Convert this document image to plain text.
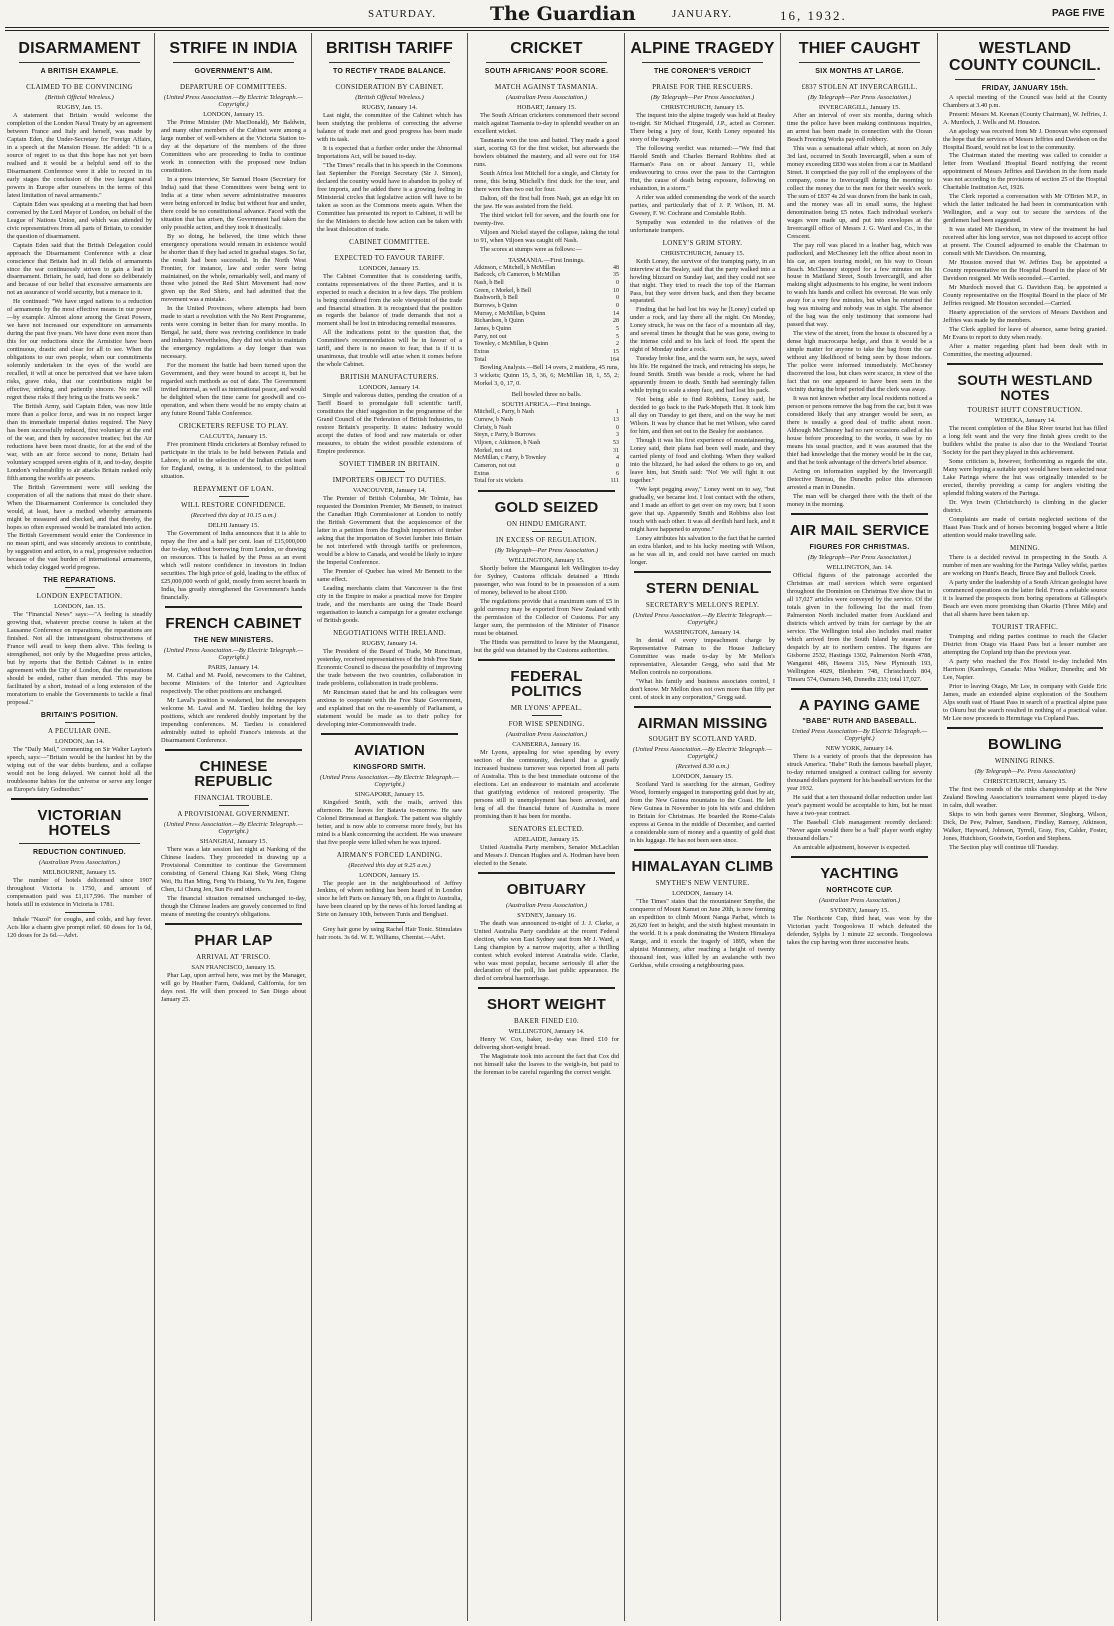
SATURDAY.	The Guardian	JANUARY.	16, 1932.	PAGE FIVE
DISARMAMENT
A BRITISH EXAMPLE.
CLAIMED TO BE CONVINCING
(British Official Wireless.)
RUGBY, Jan. 15.

A statement that Britain would welcome the completion of the London Naval Treaty by an agreement between France and Italy and herself, was made by Captain Eden, the Under-Secretary for Foreign Affairs, in a speech at the Mansion House. He added: "It is a source of regret to us that this hope has not yet been realised and it would be a helpful send off to the Disarmament Conference were it able to record in its early stages the conclusion of the two largest naval powers in Europe after ourselves in the terms of this latest limitation of naval armaments."

Captain Eden was speaking at a meeting that had been convened by the Lord Mayor of London, on behalf of the League of Nations Union, and which was attended by civic representatives from all parts of Britain, to consider the question of disarmament.

Captain Eden said that the British Delegation could approach the Disarmament Conference with a clear conscience that Britain had in all fields of armaments since the war continuously striven to gain a lead in disarmament. Britain, he said, had done so deliberately and because of our belief that excessive armaments are not an assurance of world security, but a menace to it.

He continued: "We have urged nations to a reduction of armaments by the most effective means in our power—by example. Almost alone among the Great Powers, we have not increased our expenditure on armaments during the past five years. We have done even more than this for our reductions since the Armistice have been continuous, drastic and clear for all to see. When the obligations to our own people, when our commitments solemnly undertaken in the eyes of the world are recalled, it will at once be perceived that we have taken risks, grave risks, that our contributions might be effective, striking, and patiently sincere. No one will regret these risks if they bring us the fruits we seek."

The British Army, said Captain Eden, was now little more than a police force, and was in no respect larger than its immediate imperial duties required. The Navy has been successfully reduced, first voluntary at the end of the war, and then by successive treaties; but the Air reductions have been most drastic, for at the end of the war, with an air force second to none, Britain had voluntary scrapped seven eights of it, and to-day, despite London's vulnerability to air attacks Britain ranked only fifth among the world's air powers.

The British Government were still seeking the cooperation of all the nations that must do their share. When the Disarmament Conference is concluded they would, at least, have a method whereby armaments might be measured and checked, and that thereby, the hopes so often expressed would be translated into action. The British Government would enter the Conference in no mean spirit, and was sincerely anxious to contribute, by suggestion and action, to a real, progressive reduction because of the vast burden of international armaments, which today clogged world progress.

THE REPARATIONS.
LONDON EXPECTATION.
LONDON, Jan. 15.

The "Financial News" says:—"A feeling is steadily growing that, whatever precise course is taken at the Lausanne Conference on reparations, the reparations are finished. Not all the intransigeant obstructiveness of France will avail to keep them alive. This feeling is strengthened, not only by the Mugardine press articles, but by reports that the British Cabinet is in entire agreement with the City of London, that the reparations should be ended, rather than mended. This may be facilitated by a short, instead of a long extension of the moratorium to enable the Governments to tackle a final proposal."

BRITAIN'S POSITION.
A PECULIAR ONE.
LONDON, Jan 14.

The "Daily Mail," commenting on Sir Walter Layton's speech, says:—"Britain would be the hardest hit by the wiping out of the war debts burdens, and a collapse would not be long delayed. We cannot hold all the troublesome babies for the universe or serve any longer as Europe's fairy Godmother."

VICTORIAN HOTELS
REDUCTION CONTINUED.
(Australian Press Association.)
MELBOURNE, January 15.

The number of hotels delicensed since 1907 throughout Victoria is 1750, and amount of compensation paid was £1,117,596. The number of hotels still in existence in Victoria is 1781.

Inhale "Nazol" for coughs, and colds, and hay fever. Acts like a charm give prompt relief. 60 doses for 1s 6d, 120 doses for 2s 6d.—Advt.

STRIFE IN INDIA
GOVERNMENT'S AIM.
DEPARTURE OF COMMITTEES.
(United Press Association.—By Electric Telegraph.—Copyright.)
LONDON, January 15.

The Prime Minister (Mr MacDonald), Mr Baldwin, and many other members of the Cabinet were among a large number of well-wishers at the Victoria Station to-day at the departure of the members of the three Committees who are proceeding to India to continue work in connection with the proposed new Indian constitution.

In a press interview, Sir Samuel Hoare (Secretary for India) said that these Committees were being sent to India at a time when severe administrative measures were being enforced in India; but without fear and under, there could be no constitutional advance. Faced with the situation that has arisen, the Government had taken the only possible action, and they took it drastically.

By so doing, he believed, the time which these emergency operations would remain in existence would be shorter than if they had acted in gradual stages. So far, the result had been successful. In the North West Frontier, for instance, law and order were being maintained, on the whole, remarkably well, and many of those who joined the Red Shirt Movement had now given up the Red Shirts, and had admitted that the movement was a mistake.

In the United Provinces, where attempts had been made to start a revolution with the No Rent Programme, rents were coming in better than for many months. In Bengal, he said, there was reviving confidence in trade and industry. Nevertheless, they did not wish to maintain the emergency regulations a day longer than was necessary.

For the moment the battle had been turned upon the Government, and they were bound to accept it, but he regarded such methods as out of date. The Government invited internal, as well as international peace, and would be delighted when the time came for goodwill and co-operation, and when there would be no empty chairs at any future Round Table Conference.

CRICKETERS REFUSE TO PLAY.
CALCUTTA, January 15.

Five prominent Hindu cricketers at Bombay refused to participate in the trials to be held between Patiala and Lahore, to aid in the selection of the Indian cricket team for England, owing, it is understood, to the political situation.

REPAYMENT OF LOAN.
WILL RESTORE CONFIDENCE.
(Received this day at 10.15 a.m.)
DELHI January 15.

The Government of India announces that it is able to repay the five and a half per cent. loan of £15,000,000 due to-day, without borrowing from London, or drawing on resources. This is hailed by the Press as an event which will restore confidence in investors in Indian securities. The high price of gold, leading to the efflux of £25,000,000 worth of gold, mostly from secret hoards in India, has greatly strengthened the Government's hands financially.

FRENCH CABINET
THE NEW MINISTERS.
(United Press Association.—By Electric Telegraph.—Copyright.)
PARIS, January 14.

M. Cathal and M. Paold, newcomers to the Cabinet, become Ministers of the Interior and Agriculture respectively. The other positions are unchanged.

Mr Laval's position is weakened, but the newspapers welcome M. Laval and M. Tardieu holding the key positions, which are rendered doubly important by the impending conferences. M. Tardieu is considered admirably suited to uphold France's interests at the Disarmament Conference.

CHINESE REPUBLIC
FINANCIAL TROUBLE.
A PROVISIONAL GOVERNMENT.
(United Press Association.—By Electric Telegraph.—Copyright.)
SHANGHAI, January 15.

There was a late session last night at Nanking of the Chinese leaders. They proceeded in drawing up a Provisional Committee to continue the Government consisting of General Chiang Kai Shek, Wang Ching Wei, Hu Han Ming, Feng Yu Hsiang, Yu Yu Jen, Eugene Chen, Li Chung Jen, Sun Fo and others.

The financial situation remained unchanged to-day, though the Chinese leaders are gravely concerned to find means of meeting the country's obligations.

PHAR LAP
ARRIVAL AT 'FRISCO.
SAN FRANCISCO, January 15.

Phar Lap, upon arrival here, was met by the Manager, will go by Heather Farm, Oakland, California, for ten days rest. He will then proceed to San Diego about January 25.

BRITISH TARIFF
TO RECTIFY TRADE BALANCE.
CONSIDERATION BY CABINET.
(British Official Wireless.)
RUGBY, January 14.

Last night, the committee of the Cabinet which has been studying the problems of correcting the adverse balance of trade met and good progress has been made with its task.

It is expected that a further order under the Abnormal Importations Act, will be issued to-day.

"The Times" recalls that in his speech in the Commons last September the Foreign Secretary (Sir J. Simon), declared the country would have to abandon its policy of free imports, and he added there is a growing feeling in Ministerial circles that legislative action will have to be taken as soon as the Commons meets again. When the Committee has presented its report to Cabinet, it will be for the Ministers to decide how action can be taken with the least dislocation of trade.

CABINET COMMITTEE.
EXPECTED TO FAVOUR TARIFF.
LONDON, January 15.

The Cabinet Committee that is considering tariffs, contains representatives of the three Parties, and it is expected to reach a decision in a few days. The problem is being considered from the sole viewpoint of the trade and financial situation. It is recognised that the position as regards the balance of trade demands that not a moment shall be lost in introducing remedial measures.

All the indications point to the question that, the Committee's recommendation will be in favour of a tariff, and there is no reason to fear, that is if it is unanimous, that trouble will arise when it comes before the whole Cabinet.

BRITISH MANUFACTURERS.
LONDON, January 14.

Simple and valorous duties, pending the creation of a Tariff Board to promulgate full scientific tariff, constitutes the chief suggestion in the programme of the Grand Council of the Federation of British Industries, to restore Britain's prosperity. It states: Industry would accept the duties of food and raw materials or other measures, to obtain the widest possible extensions of Empire preference.

SOVIET TIMBER IN BRITAIN.
IMPORTERS OBJECT TO DUTIES.
VANCOUVER, January 14.

The Premier of British Columbia, Mr Tolmie, has requested the Dominion Premier, Mr Bennett, to instruct the Canadian High Commissioner at London to notify the British Government that the acquiescence of the latter in a petition from the English importers of timber asking that the importation of Soviet lumber into Britain be not interfered with through tariffs or preferences, would be a blow to Canada, and would be likely to injure the Imperial Conference.

The Premier of Quebec has wired Mr Bennett to the same effect.

Leading merchants claim that Vancouver is the first city in the Empire to make a practical move for Empire trade, and the merchants are using the Trade Board organisation to launch a campaign for a greater exchange of British goods.

NEGOTIATIONS WITH IRELAND.
RUGBY, January 14.

The President of the Board of Trade, Mr Runciman, yesterday, received representatives of the Irish Free State Economic Council to discuss the possibility of improving the trade between the two countries, collaboration in trade problems, collaboration in trade problems.

Mr Runciman stated that he and his colleagues were anxious to cooperate with the Free State Government, and explained that on the re-assembly of Parliament, a statement would be made as to their policy for developing inter-Commonwealth trade.

AVIATION
KINGSFORD SMITH.
(United Press Association.—By Electric Telegraph.—Copyright.)
SINGAPORE, January 15.

Kingsford Smith, with the mails, arrived this afternoon. He leaves for Batavia to-morrow. He saw Colonel Brinsmead at Bangkok. The patient was slightly better, and is now able to converse more freely, but his mind is a blank concerning the accident. He was unaware that five people were killed when he was injured.

AIRMAN'S FORCED LANDING.
(Received this day at 9.25 a.m.)
LONDON, January 15.

The people are in the neighbourhood of Jeffrey Jenkins, of whom nothing has been heard of in London since he left Paris on January 9th, on a flight to Australia, have been cleared up by the news of his forced landing at Sirte on January 10th, between Tunis and Benghazi.

Grey hair gone by using Rachel Hair Tonic. Stimulates hair roots. 3s 6d. W. E. Williams, Chemist.—Advt.

CRICKET
SOUTH AFRICANS' POOR SCORE.
MATCH AGAINST TASMANIA.
(Australian Press Association.)
HOBART, January 15.

The South African cricketers commenced their second match against Tasmania to-day in splendid weather on an excellent wicket.

Tasmania won the toss and batted. They made a good start, scoring 63 for the first wicket, but afterwards the bowlers obtained the mastery, and all were out for 164 runs.

South Africa lost Mitchell for a single, and Christy for none, this being Mitchell's first duck for the tour, and there were then two out for four.

Dalton, off the first ball from Nash, got an edge hit on the jaw. He was assisted from the field.

The third wicket fell for seven, and the fourth one for twenty-five.

Viljoen and Nickel stayed the collapse, taking the total to 91, when Viljoen was caught off Nash.

The scores at stumps were as follows:—

TASMANIA.—First Innings.
Atkinson, c Mitchell, b McMillan	48
Badcock, c/b Cameron, b McMillan	35
Nash, b Bell	0
Green, c Morkel, b Bell	10
Bushworth, b Bell	0
Burrows, b Quinn	0
Murray, c McMillan, b Quinn	14
Richardson, b Quinn	28
James, b Quinn	5
Parry, not out	5
Townley, c McMillan, b Quinn	2
Extras	15
Total	164

Bowling Analysis.—Bell 14 overs, 2 maidens, 45 runs, 3 wickets; Quinn 15, 5, 36, 6; McMillan 18, 1, 55, 2; Morkel 3, 0, 17, 0.

Bell bowled three no balls.
SOUTH AFRICA.—First Innings.
Mitchell, c Parry, b Nash	1
Curnow, b Nash	13
Christy, b Nash	0
Steyn, c Parry, b Burrows	3
Viljoen, c Atkinson, b Nash	53
Morkel, not out	31
McMillan, c Parry, b Townley	4
Cameron, not out	0
Extras	6
Total for six wickets	111
GOLD SEIZED
ON HINDU EMIGRANT.
IN EXCESS OF REGULATION.
(By Telegraph—Per Press Association.)
WELLINGTON, January 15.

Shortly before the Maunganui left Wellington to-day for Sydney, Customs officials detained a Hindu passenger, who was found to be in possession of a sum of money, believed to be about £100.

The regulations provide that a maximum sum of £5 in gold currency may be exported from New Zealand with the permission of the Collector of Customs. For any larger sum, the permission of the Minister of Finance must be obtained.

The Hindu was permitted to leave by the Maunganui, but the gold was detained by the Customs authorities.

FEDERAL POLITICS
MR LYONS' APPEAL.
FOR WISE SPENDING.
(Australian Press Association.)
CANBERRA, January 16.

Mr Lyons, appealing for wise spending by every section of the community, declared that a greatly increased business turnover was reported from all parts of Australia. This is the best immediate outcome of the elections. Let an endeavour to maintain and accelerate that gratifying evidence of restored prosperity. The persons still in unemployment has been arrested, and leng of all the financial future of Australia is more promising than it has been for months.

SENATORS ELECTED.
ADELAIDE, January 15.

United Australia Party members, Senator McLachlan and Messrs J. Duncan Hughes and A. Hodman have been elected to the Senate.

OBITUARY
(Australian Press Association.)
SYDNEY, January 16.

The death was announced to-night of J. J. Clarke, a United Australia Party candidate at the recent Federal election, who won East Sydney seat from Mr J. Ward, a Lang champion by a narrow majority, after a thrilling contest which evoked interest Australia wide. Clarke, who was most popular, became seriously ill after the declaration of the poll, his last public appearance. He died of cerebral haemorrhage.

SHORT WEIGHT
BAKER FINED £10.
WELLINGTON, January 14.

Henry W. Cox, baker, to-day was fined £10 for delivering short-weight bread.

The Magistrate took into account the fact that Cox did not himself take the loaves to the weigh-in, but paid to the foreman to be careful regarding the correct weight.

ALPINE TRAGEDY
THE CORONER'S VERDICT
PRAISE FOR THE RESCUERS.
(By Telegraph—Per Press Association.)
CHRISTCHURCH, January 15.

The inquest into the alpine tragedy was held at Bealey to-night. Sir Michael Fitzgerald, J.P., acted as Coroner. There being a jury of four, Keith Loney repeated his story of the tragedy.

The following verdict was returned:—"We find that Harold Smith and Charles Bernard Robbins died at Harman's Pass on or about January 11, while endeavouring to cross over the pass to the Carrington Hut, the cause of death being exposure, following on exhaustion, in a storm."

A rider was added commending the work of the search parties, and particularly that of J. P. Wilson, H. M. Gwesey, F. W. Cochrane and Constable Robb.

Sympathy was extended to the relatives of the unfortunate trampers.

LONEY'S GRIM STORY.
CHRISTCHURCH, January 15.

Keith Loney, the survivor of the tramping party, in an interview at the Bealey, said that the party walked into a howling blizzard on Sunday last, and they could not see that night. They tried to reach the top of the Harman Pass, but they were driven back, and then they became separated.

Finding that he had lost his way he [Loney] curled up under a rock, and lay there all the night. On Monday, Loney struck, he was on the face of a mountain all day, and several times he thought that he was gone, owing to the intense cold and to his lack of food. He spent the night of Monday under a rock.

Tuesday broke fine, and the warm sun, he says, saved his life. He regained the track, and retracing his steps, he found Smith. Smith was beside a rock, where he had apparently frozen to death. Smith had seemingly fallen while trying to scale a steep face, and had lost his pack.

Not being able to find Robbins, Loney said, he decided to go back to the Park-Mopeth Hut. It took him all day on Tuesday to get there, and on the way he met Wilson. It was by chance that he met Wilson, who cared for him, and then set out to the Bealey for assistance.

Though it was his first experience of mountaineering, Loney said, their plans had been well made, and they carried plenty of food and clothing. When they walked into the blizzard, he had asked the others to go on, and leave him, but Smith said: "No! We will fight it out together."

"We kept pegging away," Loney went on to say, "but gradually, we became lost. I lost contact with the others, and I made an effort to get over on my own; but I soon gave that up. Apparently Smith and Robbins also lost touch with each other. It was all devilish hard luck, and it might have happened to anyone."

Loney attributes his salvation to the fact that he carried an extra blanket, and to his lucky meeting with Wilson, as he was all in, and could not have carried on much longer.

STERN DENIAL
SECRETARY'S MELLON'S REPLY.
(United Press Association.—By Electric Telegraph.—Copyright.)
WASHINGTON, January 14.

In denial of every impeachment charge by Representative Patman to the House Judiciary Committee was made to-day by Mr Mellon's representative, Alexander Gregg, who said that Mr Mellon controls no corporations.

"What his family and business associates control, I don't know. Mr Mellon does not own more than fifty per cent. of stock in any corporation," Gregg said.

AIRMAN MISSING
SOUGHT BY SCOTLAND YARD.
(United Press Association.—By Electric Telegraph.—Copyright.)
(Received 8.30 a.m.)
LONDON, January 15.

Scotland Yard is searching for the airman, Godfrey Wood, formerly engaged in transporting gold dust by air, from the New Guinea mountains to the Coast. He left New Guinea in November to join his wife and children in Britain for Christmas. He boarded the Rome-Calais express at Genoa in the middle of December, and carried a considerable sum of money and a quantity of gold dust in his luggage. He has not been seen since.

HIMALAYAN CLIMB
SMYTHE'S NEW VENTURE.
LONDON, January 14.

"The Times" states that the mountaineer Smythe, the conqueror of Mount Kamet on June 20th, is now forming an expedition to climb Mount Nanga Parbat, which is 26,620 feet in height, and the sixth highest mountain in the world. It is a peak dominating the Western Himalaya Range, and it excels the tragedy of 1895, when the alpinist Mummery, after reaching a height of twenty thousand feet, was killed by an avalanche with two Gurkhas, while crossing a neighbouring pass.

THIEF CAUGHT
SIX MONTHS AT LARGE.
£837 STOLEN AT INVERCARGILL.
(By Telegraph—Per Press Association.)
INVERCARGILL, January 15.

After an interval of over six months, during which time the police have been making continuous inquiries, an arrest has been made in connection with the Ocean Beach Freezing Works pay-roll robbery.

This was a sensational affair which, at noon on July 3rd last, occurred in South Invercargill, when a sum of money exceeding £830 was stolen from a car in Maitland Street. It comprised the pay roll of the employees of the company, come to Invercargill during the morning to collect the money due to the men for their week's work. The sum of £837 4s 2d was drawn from the bank in cash, and the money was all in small sums, the highest denomination being £5 notes. Each individual worker's wages were made up, and put into envelopes at the Invercargill office of Messrs J. G. Ward and Co., in the Crescent.

The pay roll was placed in a leather bag, which was padlocked, and McChesney left the office about noon in his car, an open touring model, on his way to Ocean Beach. McChesney stopped for a few minutes on his house in Maitland Street, South Invercargill, and after making slight adjustments to his engine, he went indoors to wash his hands and collect his overcoat. He was only away for a very few minutes, but when he returned the bag was missing and nobody was in sight. The absence of the bag was the only testimony that someone had passed that way.

The view of the street, from the house is obscured by a dense high macrocarpa hedge, and thus it would be a simple matter for anyone to take the bag from the car without any likelihood of being seen by those indoors. The police were informed immediately. McChesney discovered the loss, but clues were scarce, in view of the fact that no one appeared to have been seen in the vicinity during the brief period that the clerk was away.

It was not known whether any local residents noticed a person or persons remove the bag from the car, but it was considered likely that any stranger would be seen, as there is usually a good deal of traffic about noon. Although McChesney had no rare occasions called at his house before proceeding to the works, it was by no means his usual practice, and it was assumed that the thief had knowledge that the money would be in the car, and that he took advantage of the driver's brief absence.

Acting on information supplied by the Invercargill Detective Bureau, the Dunedin police this afternoon arrested a man in Dunedin.

The man will be charged there with the theft of the money in the morning.

AIR MAIL SERVICE
FIGURES FOR CHRISTMAS.
(By Telegraph—Per Press Association.)
WELLINGTON, Jan. 14.

Official figures of the patronage accorded the Christmas air mail services which were organised throughout the Dominion on Christmas Eve show that in all 17,027 articles were conveyed by the service. Of the totals given in the following list the mail from Palmerston North included matter from Auckland and districts which arrived by train for carriage by the air service. The Wellington total also includes mail matter which arrived from the South Island by steamer for despatch by air to northern centres. The figures are Gisborne 2532, Hastings 1302, Palmerston North 4788, Wanganui 486, Hawera 315, New Plymouth 193, Wellington 4029, Blenheim 748, Christchurch 804, Timaru 574, Oamaru 348, Dunedin 233; total 17,027.

A PAYING GAME
"BABE" RUTH AND BASEBALL.
United Press Association—By Electric Telegraph.—Copyright.)
NEW YORK, January 14.

There is a variety of proofs that the depression has struck America. "Babe" Ruth the famous baseball player, to-day returned unsigned a contract calling for seventy thousand dollars payment for his baseball services for the year 1932.

He said that a ten thousand dollar reduction under last year's payment would be acceptable to him, but he must have a two-year contract.

The Baseball Club management recently declared: "Never again would there be a 'ball' player worth eighty thousand dollars."

An amicable adjustment, however is expected.

YACHTING
NORTHCOTE CUP.
(Australian Press Association.)
SYDNEY, January 15.

The Northcote Cup, third heat, was won by the Victorian yacht Toogoolowa II which defeated the defender, Sylphs by 1 minute 22 seconds. Toogoolowa takes the cup having won three successive heats.

WESTLAND COUNTY COUNCIL.
FRIDAY, JANUARY 15th.

A special meeting of the Council was held at the County Chambers at 3.40 p.m.

Present: Messrs M. Keenan (County Chairman), W. Jeffries, J. A. Murdoch, J. Wells and M. Houston.

An apology was received from Mr J. Donovan who expressed the hope that the services of Messrs Jeffries and Davidson on the Hospital Board, would not be lost to the community.

The Chairman stated the meeting was called to consider a letter from Westland Hospital Board notifying the recent appointment of Messrs Jeffries and Davidson in the form made was not according to the provisions of section 25 of the Hospital Charitable Institution Act, 1926.

The Clerk reported a conversation with Mr O'Brien M.P., in which the latter indicated he had been in communication with Wellington, and a way out to secure the services of the gentlemen had been suggested.

It was stated Mr Davidson, in view of the treatment he had received after his long service, was not disposed to accept office at present. The Council adjourned to enable the Chairman to consult with Mr Davidson. On resuming,

Mr Houston moved that W. Jeffries Esq. be appointed a County representative on the Hospital Board in the place of Mr Davidson resigned. Mr Wells seconded.—Carried.

Mr Murdoch moved that G. Davidson Esq. be appointed a County representative on the Hospital Board in the place of Mr Jeffries resigned. Mr Houston seconded.—Carried.

Hearty appreciation of the services of Messrs Davidson and Jeffries was made by the members.

The Clerk applied for leave of absence, same being granted. Mr Evans to report to duty when ready.

After a matter regarding plant had been dealt with in Committee, the meeting adjourned.

SOUTH WESTLAND NOTES
TOURIST HUTT CONSTRUCTION.
WEHEKA, January 14.

The recent completion of the Blue River tourist hut has filled a long felt want and the very fine finish gives credit to the builders whilst the praise is also due to the Westland Tourist Society for the part they played in this achievement.

Some criticism is, however, forthcoming as regards the site. Many were hoping a suitable spot would have been selected near Lake Paringa where the hut was originally intended to be erected, thereby providing a camp for anglers visiting the splendid fishing waters of the Paringa.

Dr. Wyn Irwin (Christchurch) is climbing in the glacier district.

Complaints are made of certain neglected sections of the Haast Pass Track and of horses becoming bogged where a little attention would make travelling safe.

MINING.

There is a decided revival in prospecting in the South. A number of men are washing for the Paringa Valley whilst, parties are working on Hunt's Beach, Bruce Bay and Bullock Creek.

A party under the leadership of a South African geologist have commenced operations on the latter field. From a reliable source it is learned the prospects from boring operations at Gillespie's Beach are even more promising than Okarito (Three Mile) and that all shares have been taken up.

TOURIST TRAFFIC.

Tramping and riding parties continue to reach the Glacier District from Otago via Haast Pass but a lesser number are attempting the Copland trip than the previous year.

A party who reached the Fox Hostel to-day included Mrs Harrison (Kamloops, Canada: Miss Walker, Dunedin; and Mr Lee, Napier.

Prior to leaving Otago, Mr Lee, in company with Guide Eric James, made an extended alpine exploration of the Southern Alps south east of Haast Pass in search of a practical alpine pass to Okuru but the search resulted in nothing of a practical value. Mr Lee now proceeds to Hermitage via Copland Pass.

BOWLING
WINNING RINKS.
(By Telegraph—Pe. Press Association)
CHRISTCHURCH, January 15.

The first two rounds of the rinks championship at the New Zealand Bowling Association's tournament were played to-day in calm, dull weather.

Skips to win both games were Brenmer, Slogburg, Wilson, Dick, De Pew, Palmer, Sandison, Findlay, Ramsey, Atkinson, Walker, Hayward, Johnson, Tyrrell, Gray, Fox, Calder, Foster, Jones, Hutchison, Goodwin, Gordon and Stephens.

The Section play will continue till Tuesday.
